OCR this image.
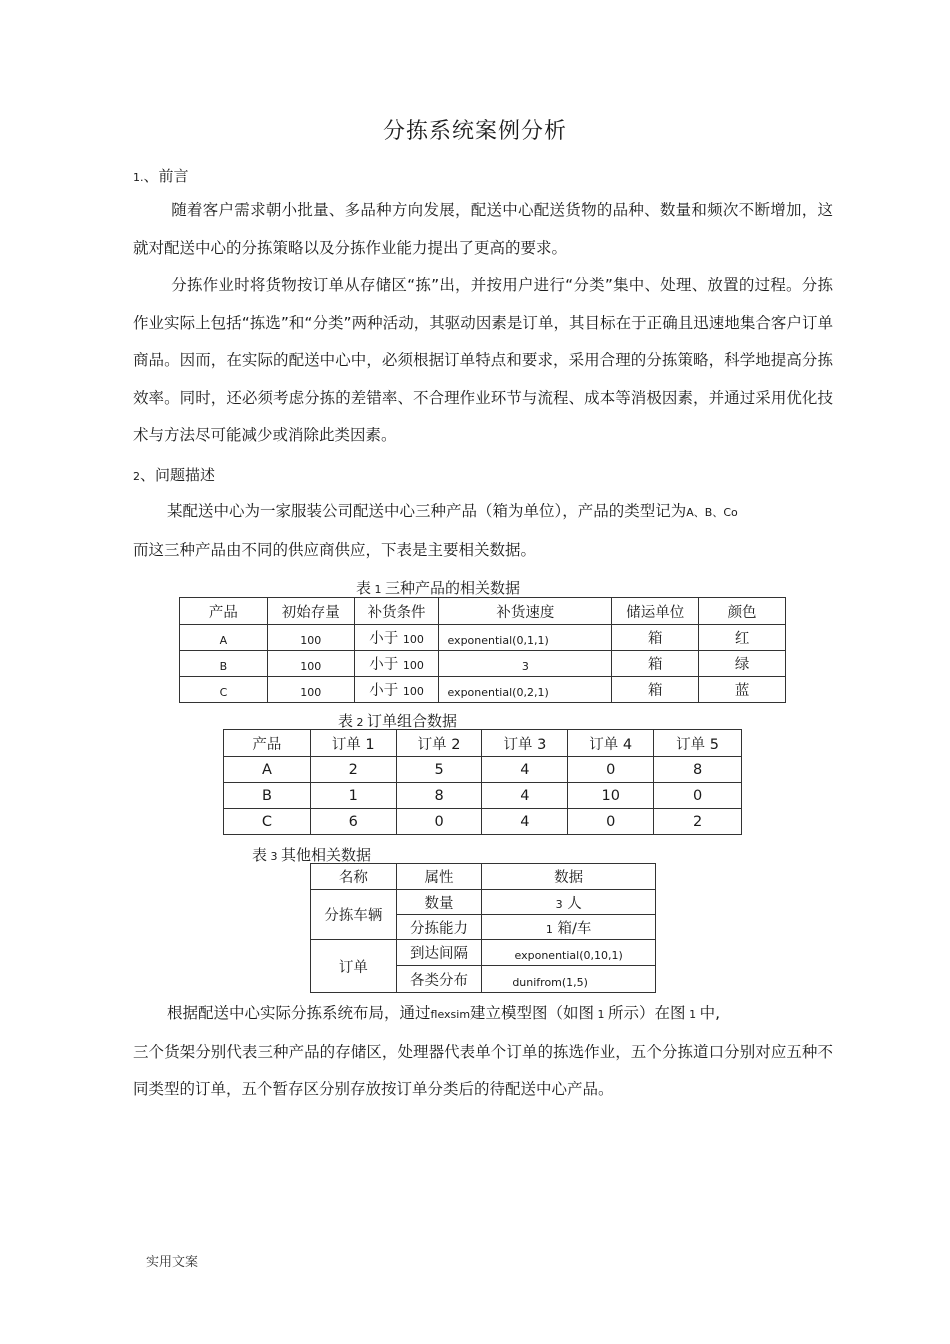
分拣系统案例分析
1.、前言

随着客户需求朝小批量、多品种方向发展，配送中心配送货物的品种、数量和频次不断增加，这就对配送中心的分拣策略以及分拣作业能力提出了更高的要求。

分拣作业时将货物按订单从存储区“拣”出，并按用户进行“分类”集中、处理、放置的过程。分拣作业实际上包括“拣选”和“分类”两种活动，其驱动因素是订单，其目标在于正确且迅速地集合客户订单商品。因而，在实际的配送中心中，必须根据订单特点和要求，采用合理的分拣策略，科学地提高分拣效率。同时，还必须考虑分拣的差错率、不合理作业环节与流程、成本等消极因素，并通过采用优化技术与方法尽可能减少或消除此类因素。

2、问题描述

某配送中心为一家服装公司配送中心三种产品（箱为单位），产品的类型记为A、B、Co
而这三种产品由不同的供应商供应，下表是主要相关数据。

表 1 三种产品的相关数据
产品	初始存量	补货条件	补货速度	储运单位	颜色
A	100	小于 100	exponential(0,1,1)	箱	红
B	100	小于 100	3	箱	绿
C	100	小于 100	exponential(0,2,1)	箱	蓝
表 2 订单组合数据
产品	订单 1	订单 2	订单 3	订单 4	订单 5
A	2	5	4	0	8
B	1	8	4	10	0
C	6	0	4	0	2
表 3 其他相关数据
名称	属性	数据
分拣车辆	数量	3 人
	分拣能力	1 箱/车
订单	到达间隔	exponential(0,10,1)
	各类分布	dunifrom(1,5)

根据配送中心实际分拣系统布局，通过flexsim建立模型图（如图 1 所示）在图 1 中,
三个货架分别代表三种产品的存储区，处理器代表单个订单的拣选作业，五个分拣道口分别对应五种不同类型的订单，五个暂存区分别存放按订单分类后的待配送中心产品。

实用文案
